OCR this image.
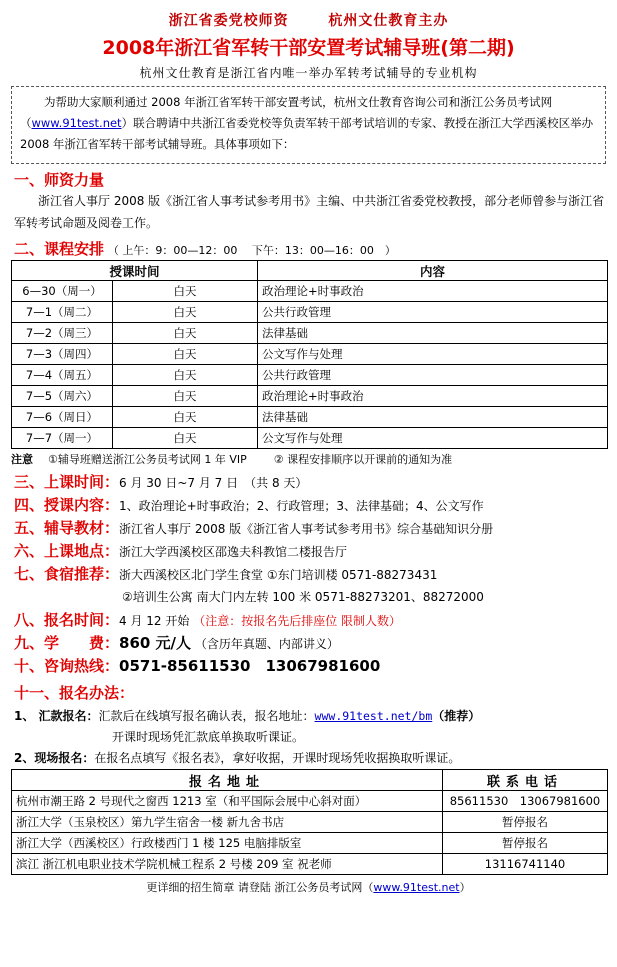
浙江省委党校师资	杭州文仕教育主办
2008年浙江省军转干部安置考试辅导班(第二期)
杭州文仕教育是浙江省内唯一举办军转考试辅导的专业机构
为帮助大家顺利通过 2008 年浙江省军转干部安置考试，杭州文仕教育咨询公司和浙江公务员考试网（www.91test.net）联合聘请中共浙江省委党校等负责军转干部考试培训的专家、教授在浙江大学西溪校区举办 2008 年浙江省军转干部考试辅导班。具体事项如下：
一、师资力量
浙江省人事厅 2008 版《浙江省人事考试参考用书》主编、中共浙江省委党校教授，部分老师曾参与浙江省军转考试命题及阅卷工作。
二、课程安排 （ 上午：9：00—12：00　 下午：13：00—16：00　）
授课时间		内容
6—30（周一）	白天	政治理论+时事政治
7—1（周二）	白天	公共行政管理
7—2（周三）	白天	法律基础
7—3（周四）	白天	公文写作与处理
7—4（周五）	白天	公共行政管理
7—5（周六）	白天	政治理论+时事政治
7—6（周日）	白天	法律基础
7—7（周一）	白天	公文写作与处理
注意 ①辅导班赠送浙江公务员考试网 1 年 VIP ② 课程安排顺序以开课前的通知为准
三、上课时间：6 月 30 日~7 月 7 日　（共 8 天）
四、授课内容：1、政治理论+时事政治；2、行政管理；3、法律基础；4、公文写作
五、辅导教材：浙江省人事厅 2008 版《浙江省人事考试参考用书》综合基础知识分册
六、上课地点：浙江大学西溪校区邵逸夫科教馆二楼报告厅
七、食宿推荐：浙大西溪校区北门学生食堂 ①东门培训楼 0571-88273431
②培训生公寓 南大门内左转 100 米 0571-88273201、88272000
八、报名时间：4 月 12 开始 （注意：按报名先后排座位 限制人数）
九、学　　费：860 元/人 （含历年真题、内部讲义）
十、咨询热线：0571-85611530　13067981600
十一、报名办法：
1、 汇款报名：汇款后在线填写报名确认表，报名地址：www.91test.net/bm（推荐）
开课时现场凭汇款底单换取听课证。
2、现场报名：在报名点填写《报名表》，拿好收据，开课时现场凭收据换取听课证。
报名地址	联系电话
杭州市潮王路 2 号现代之窗西 1213 室（和平国际会展中心斜对面）	85611530　13067981600
浙江大学（玉泉校区）第九学生宿舍一楼 新九舍书店	暂停报名
浙江大学（西溪校区）行政楼西门 1 楼 125 电脑排版室	暂停报名
滨江 浙江机电职业技术学院机械工程系 2 号楼 209 室 祝老师	13116741140
更详细的招生简章 请登陆 浙江公务员考试网（www.91test.net）
